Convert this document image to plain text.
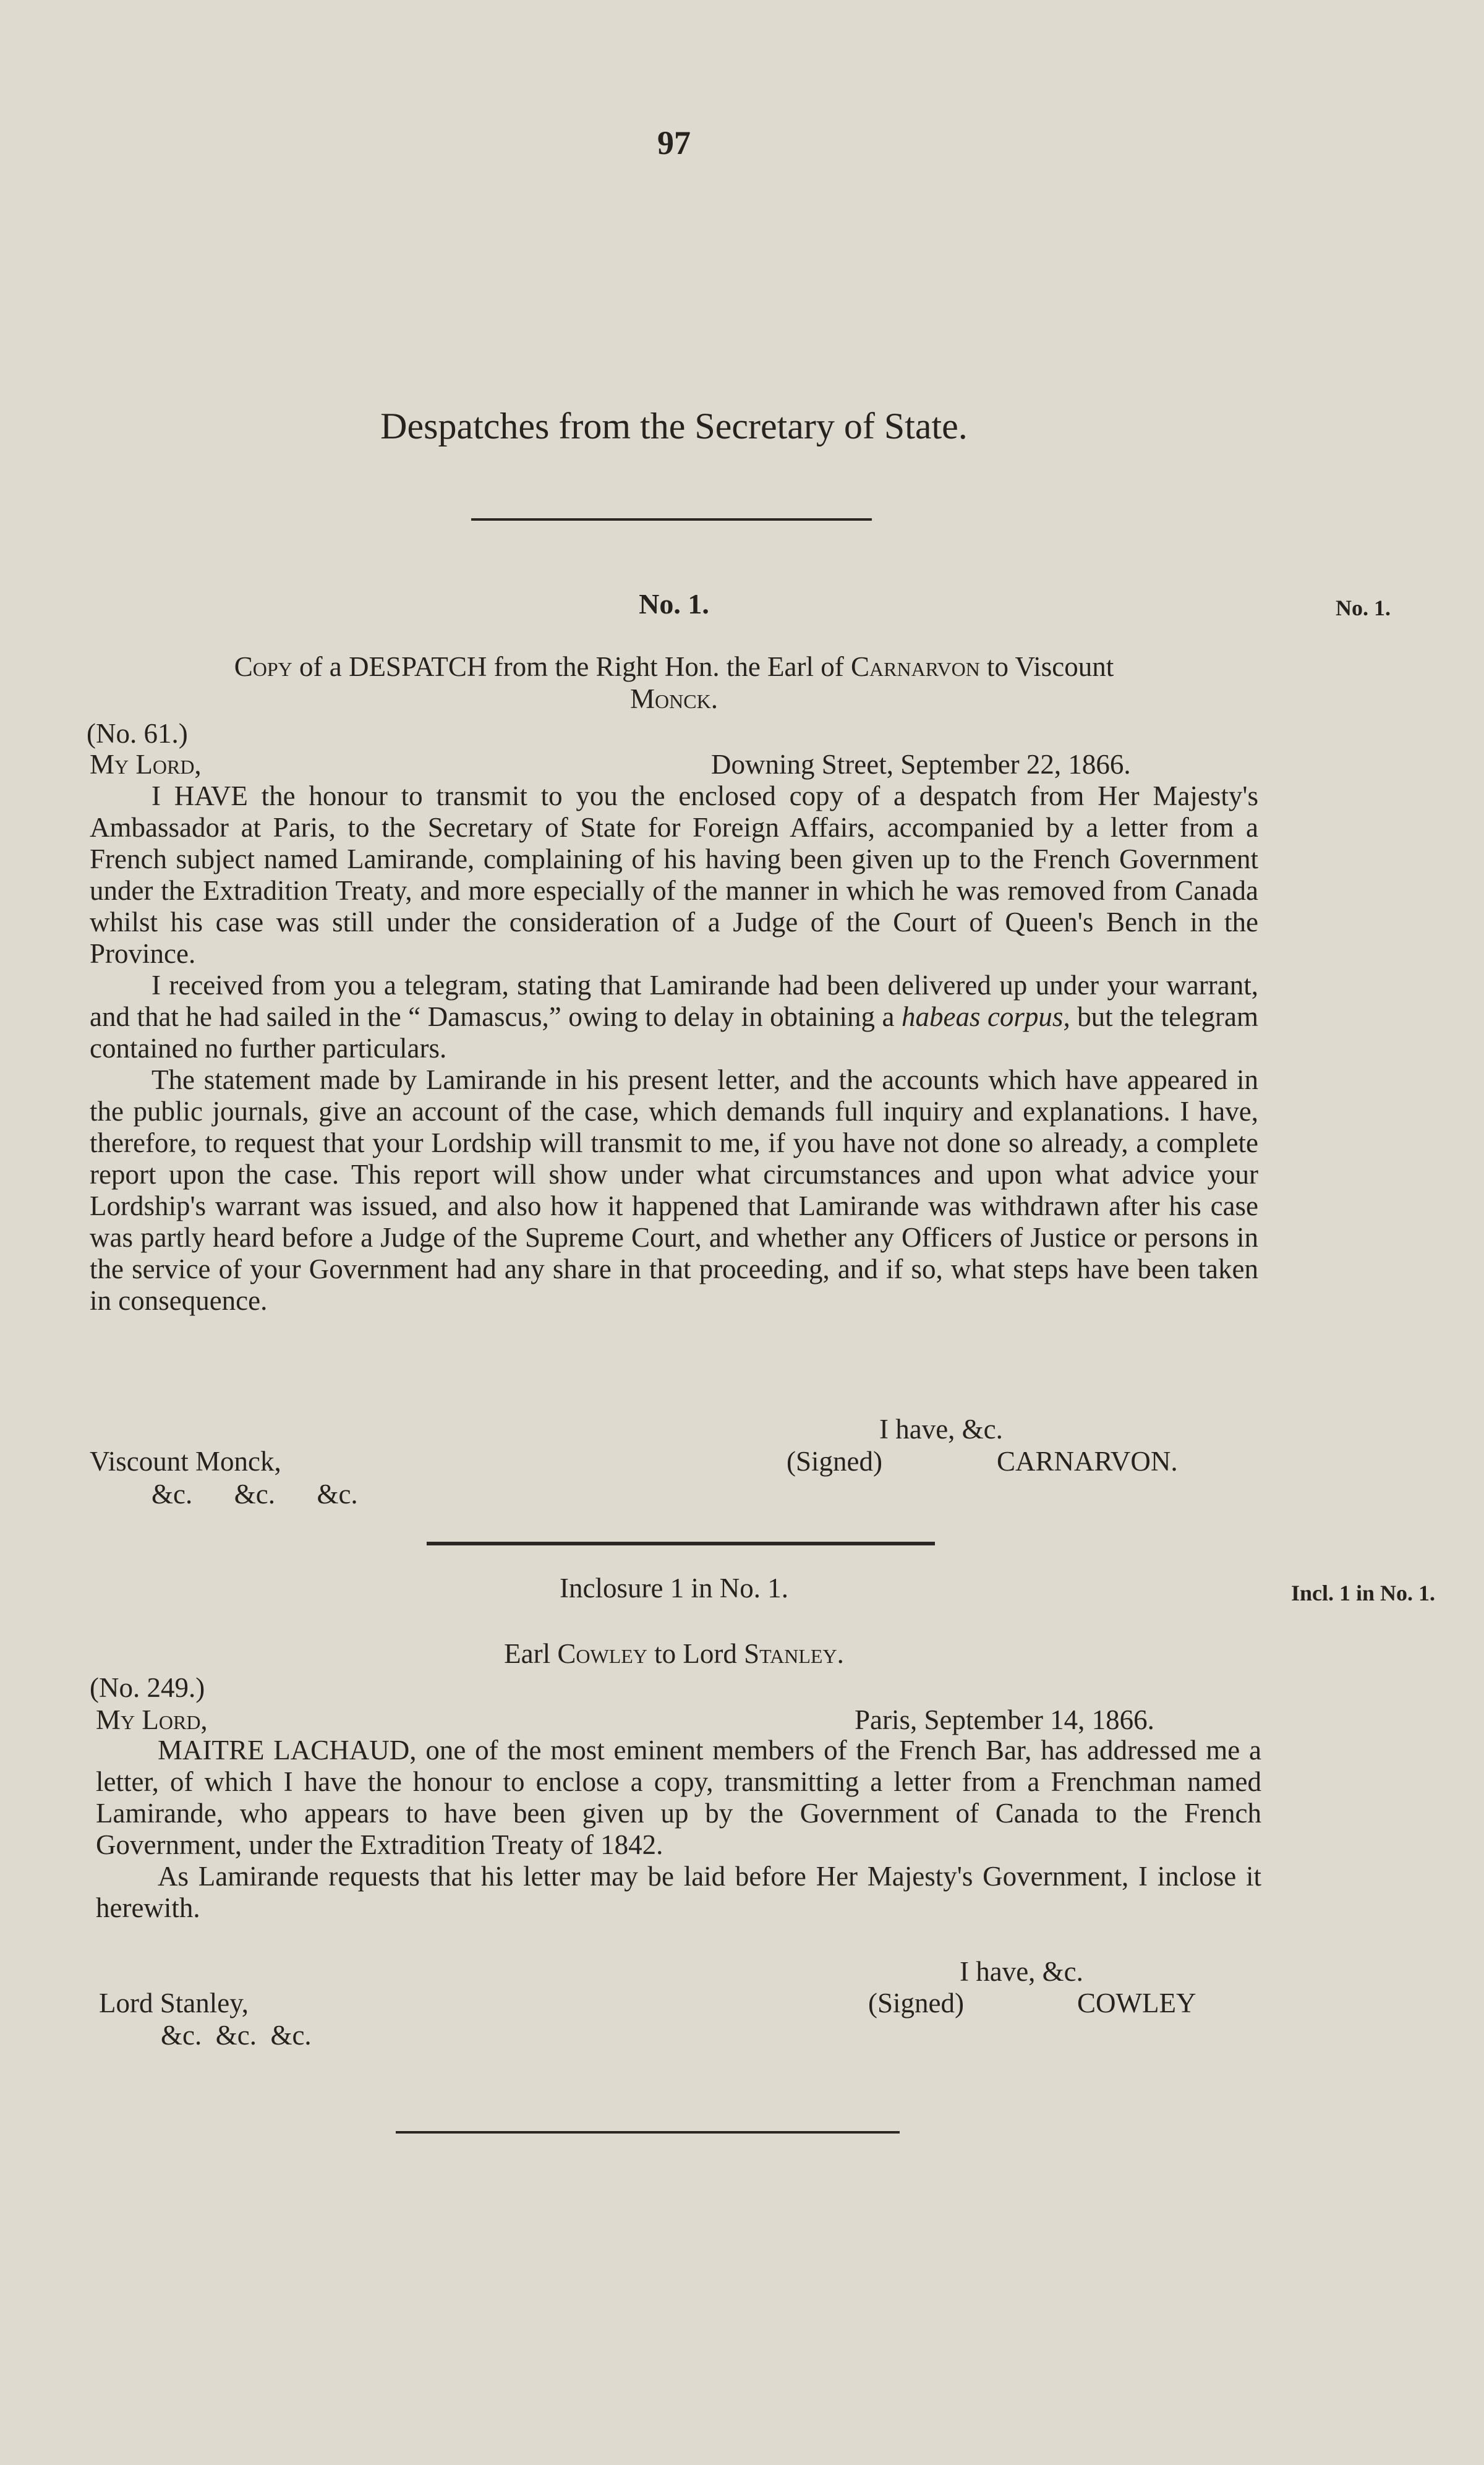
97
Despatches from the Secretary of State.
No. 1.	No. 1.
Copy of a DESPATCH from the Right Hon. the Earl of Carnarvon to Viscount
Monck.
(No. 61.)
My Lord,	Downing Street, September 22, 1866.

I HAVE the honour to transmit to you the enclosed copy of a despatch from Her Majesty's Ambassador at Paris, to the Secretary of State for Foreign Affairs, accompanied by a letter from a French subject named Lamirande, complaining of his having been given up to the French Government under the Extradition Treaty, and more especially of the manner in which he was removed from Canada whilst his case was still under the consideration of a Judge of the Court of Queen's Bench in the Province.

I received from you a telegram, stating that Lamirande had been delivered up under your warrant, and that he had sailed in the “ Damascus,” owing to delay in obtaining a habeas corpus, but the telegram contained no further particulars.

The statement made by Lamirande in his present letter, and the accounts which have appeared in the public journals, give an account of the case, which demands full inquiry and explanations. I have, therefore, to request that your Lordship will transmit to me, if you have not done so already, a complete report upon the case. This report will show under what circumstances and upon what advice your Lordship's warrant was issued, and also how it happened that Lamirande was withdrawn after his case was partly heard before a Judge of the Supreme Court, and whether any Officers of Justice or persons in the service of your Government had any share in that proceeding, and if so, what steps have been taken in consequence.

I have, &c.
Viscount Monck,	(Signed)	CARNARVON.
&c.      &c.      &c.
Inclosure 1 in No. 1.	Incl. 1 in No. 1.
Earl Cowley to Lord Stanley.
(No. 249.)
My Lord,	Paris, September 14, 1866.

MAITRE LACHAUD, one of the most eminent members of the French Bar, has addressed me a letter, of which I have the honour to enclose a copy, transmitting a letter from a Frenchman named Lamirande, who appears to have been given up by the Government of Canada to the French Government, under the Extradition Treaty of 1842.

As Lamirande requests that his letter may be laid before Her Majesty's Government, I inclose it herewith.

I have, &c.
Lord Stanley,	(Signed)	COWLEY
&c.  &c.  &c.
